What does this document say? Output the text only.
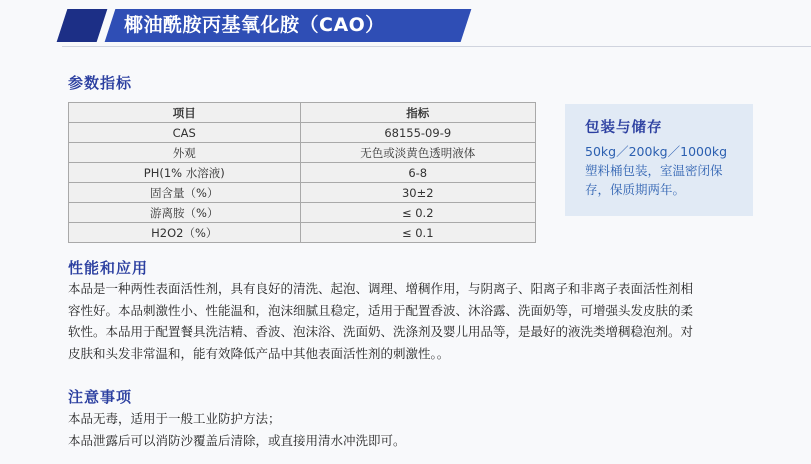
椰油酰胺丙基氧化胺（CAO）
参数指标
项目	指标
CAS	68155-09-9
外观	无色或淡黄色透明液体
PH(1% 水溶液)	6-8
固含量（%）	30±2
游离胺（%）	≤ 0.2
H2O2（%）	≤ 0.1
包装与储存
50kg／200kg／1000kg
塑料桶包装，室温密闭保
存，保质期两年。
性能和应用
本品是一种两性表面活性剂，具有良好的清洗、起泡、调理、增稠作用，与阴离子、阳离子和非离子表面活性剂相
容性好。本品刺激性小、性能温和，泡沫细腻且稳定，适用于配置香波、沐浴露、洗面奶等，可增强头发皮肤的柔
软性。本品用于配置餐具洗洁精、香波、泡沫浴、洗面奶、洗涤剂及婴儿用品等，是最好的液洗类增稠稳泡剂。对
皮肤和头发非常温和，能有效降低产品中其他表面活性剂的刺激性。。
注意事项
本品无毒，适用于一般工业防护方法；
本品泄露后可以消防沙覆盖后清除，或直接用清水冲洗即可。
